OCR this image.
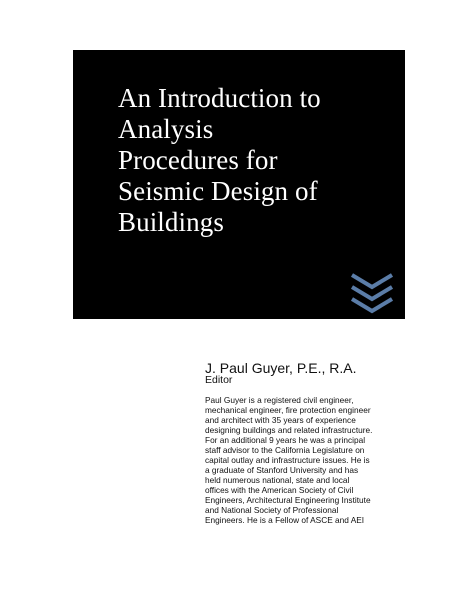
An Introduction to
Analysis
Procedures for
Seismic Design of
Buildings
J. Paul Guyer, P.E., R.A.

Editor

Paul Guyer is a registered civil engineer,
mechanical engineer, fire protection engineer
and architect with 35 years of experience
designing buildings and related infrastructure.
For an additional 9 years he was a principal
staff advisor to the California Legislature on
capital outlay and infrastructure issues. He is
a graduate of Stanford University and has
held numerous national, state and local
offices with the American Society of Civil
Engineers, Architectural Engineering Institute
and National Society of Professional
Engineers. He is a Fellow of ASCE and AEI
